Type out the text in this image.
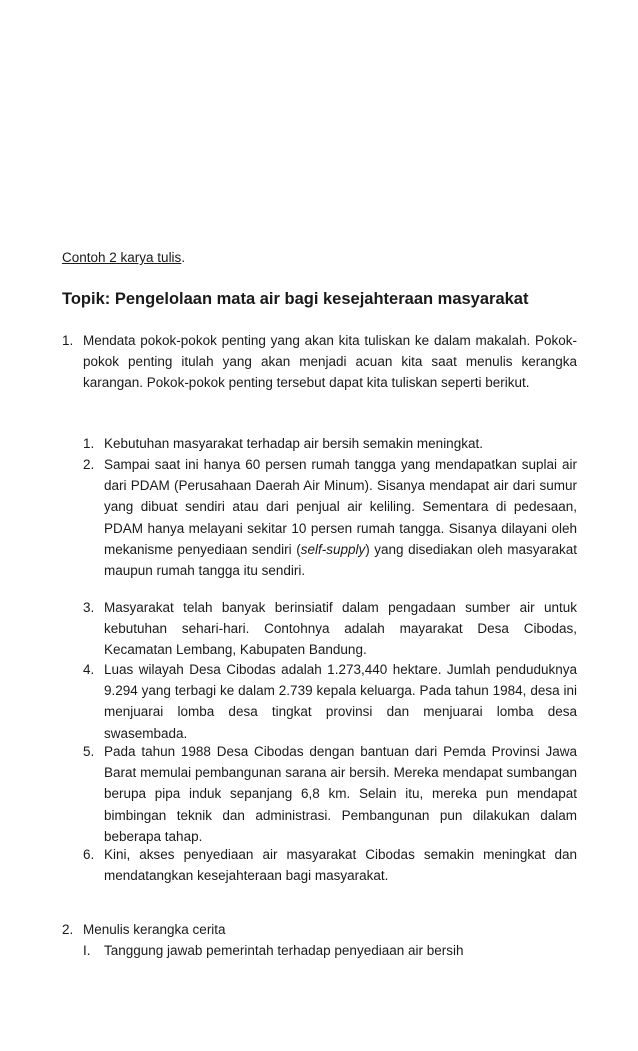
Contoh 2 karya tulis.
Topik: Pengelolaan mata air bagi kesejahteraan masyarakat
1. Mendata pokok-pokok penting yang akan kita tuliskan ke dalam makalah. Pokok-pokok penting itulah yang akan menjadi acuan kita saat menulis kerangka karangan. Pokok-pokok penting tersebut dapat kita tuliskan seperti berikut.
1. Kebutuhan masyarakat terhadap air bersih semakin meningkat.
2. Sampai saat ini hanya 60 persen rumah tangga yang mendapatkan suplai air dari PDAM (Perusahaan Daerah Air Minum). Sisanya mendapat air dari sumur yang dibuat sendiri atau dari penjual air keliling. Sementara di pedesaan, PDAM hanya melayani sekitar 10 persen rumah tangga. Sisanya dilayani oleh mekanisme penyediaan sendiri (self-supply) yang disediakan oleh masyarakat maupun rumah tangga itu sendiri.
3. Masyarakat telah banyak berinsiatif dalam pengadaan sumber air untuk kebutuhan sehari-hari. Contohnya adalah mayarakat Desa Cibodas, Kecamatan Lembang, Kabupaten Bandung.
4. Luas wilayah Desa Cibodas adalah 1.273,440 hektare. Jumlah penduduknya 9.294 yang terbagi ke dalam 2.739 kepala keluarga. Pada tahun 1984, desa ini menjuarai lomba desa tingkat provinsi dan menjuarai lomba desa swasembada.
5. Pada tahun 1988 Desa Cibodas dengan bantuan dari Pemda Provinsi Jawa Barat memulai pembangunan sarana air bersih. Mereka mendapat sumbangan berupa pipa induk sepanjang 6,8 km. Selain itu, mereka pun mendapat bimbingan teknik dan administrasi. Pembangunan pun dilakukan dalam beberapa tahap.
6. Kini, akses penyediaan air masyarakat Cibodas semakin meningkat dan mendatangkan kesejahteraan bagi masyarakat.
2. Menulis kerangka cerita
I. Tanggung jawab pemerintah terhadap penyediaan air bersih
